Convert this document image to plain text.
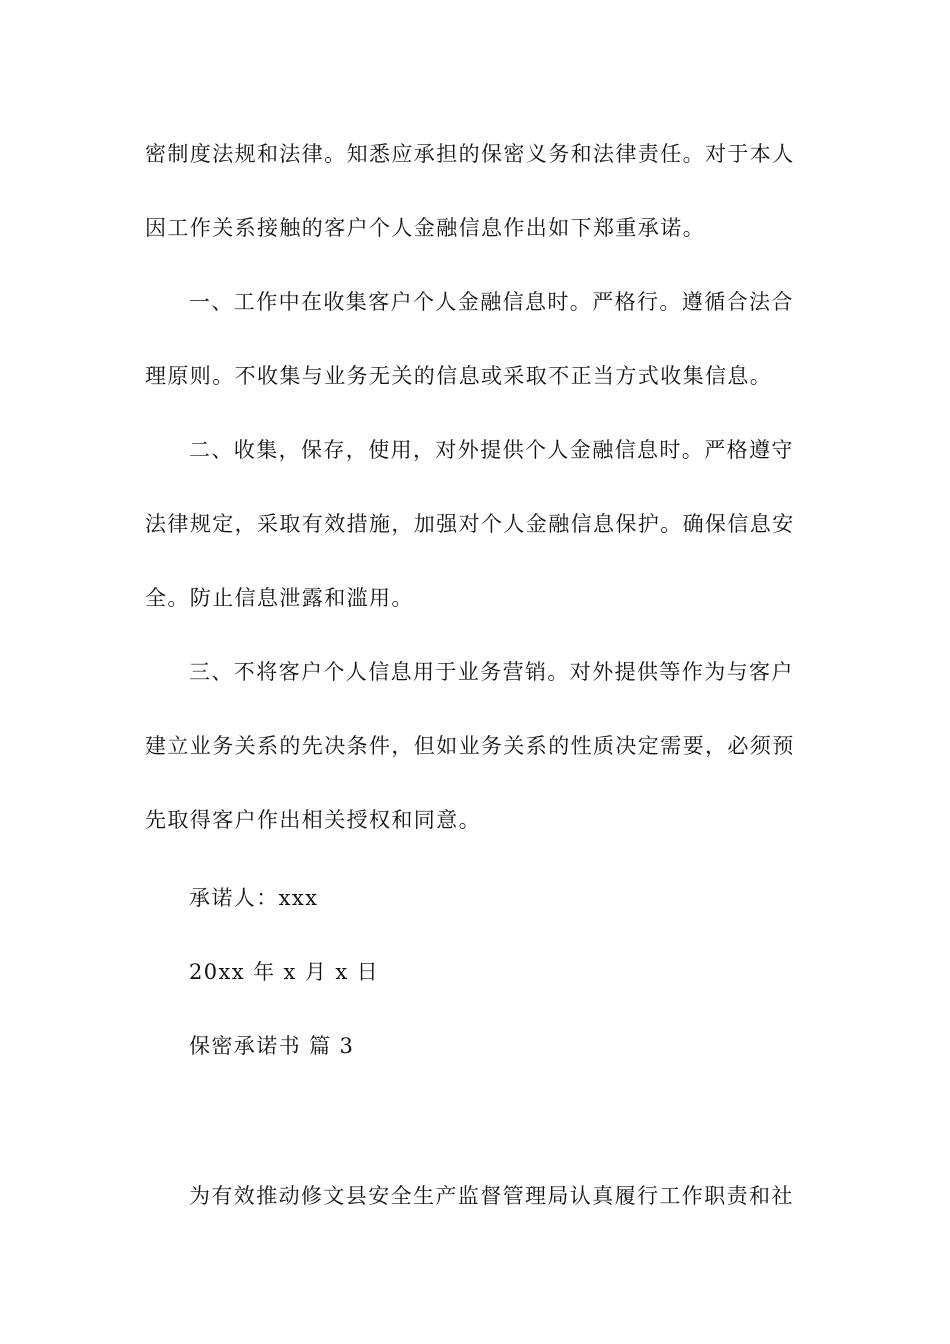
密制度法规和法律。知悉应承担的保密义务和法律责任。对于本人
因工作关系接触的客户个人金融信息作出如下郑重承诺。
一、工作中在收集客户个人金融信息时。严格行。遵循合法合
理原则。不收集与业务无关的信息或采取不正当方式收集信息。
二、收集，保存，使用，对外提供个人金融信息时。严格遵守
法律规定，采取有效措施，加强对个人金融信息保护。确保信息安
全。防止信息泄露和滥用。
三、不将客户个人信息用于业务营销。对外提供等作为与客户
建立业务关系的先决条件，但如业务关系的性质决定需要，必须预
先取得客户作出相关授权和同意。
承诺人：xxx
20xx 年 x 月 x 日
保密承诺书 篇 3
为有效推动修文县安全生产监督管理局认真履行工作职责和社
